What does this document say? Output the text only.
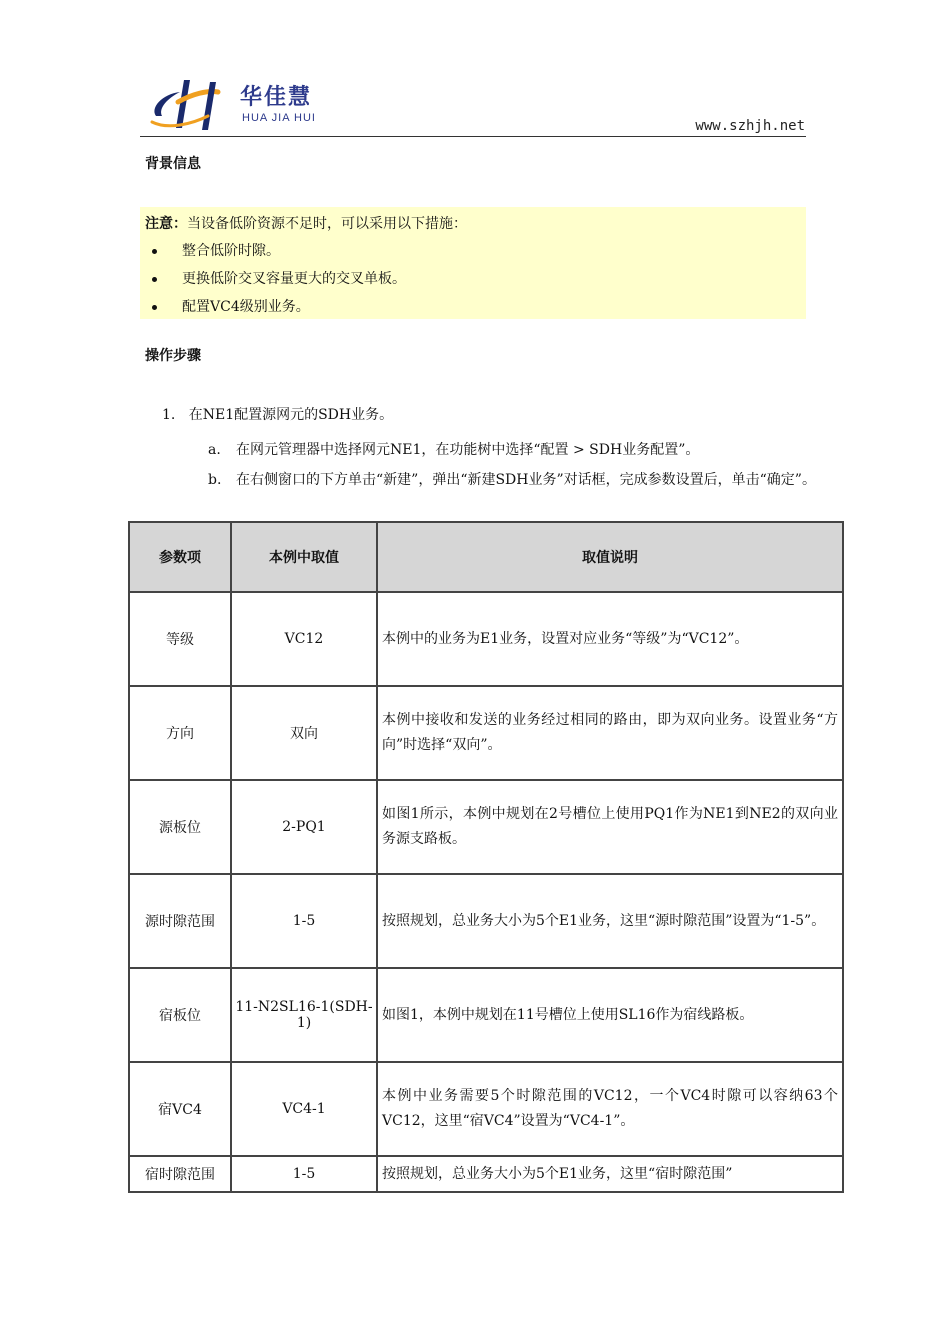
华佳慧
HUA JIA HUI	www.szhjh.net
背景信息
注意：当设备低阶资源不足时，可以采用以下措施：
整合低阶时隙。
更换低阶交叉容量更大的交叉单板。
配置VC4级别业务。
操作步骤
1. 在NE1配置源网元的SDH业务。
a. 在网元管理器中选择网元NE1，在功能树中选择“配置 > SDH业务配置”。
b. 在右侧窗口的下方单击“新建”，弹出“新建SDH业务”对话框，完成参数设置后，单击“确定”。
参数项	本例中取值	取值说明
等级	VC12	本例中的业务为E1业务，设置对应业务“等级”为“VC12”。
方向	双向	本例中接收和发送的业务经过相同的路由，即为双向业务。设置业务“方向”时选择“双向”。
源板位	2-PQ1	如图1所示，本例中规划在2号槽位上使用PQ1作为NE1到NE2的双向业务源支路板。
源时隙范围	1-5	按照规划，总业务大小为5个E1业务，这里“源时隙范围”设置为“1-5”。
宿板位	11-N2SL16-1(SDH-1)	如图1，本例中规划在11号槽位上使用SL16作为宿线路板。
宿VC4	VC4-1	本例中业务需要5个时隙范围的VC12，一个VC4时隙可以容纳63个VC12，这里“宿VC4”设置为“VC4-1”。
宿时隙范围	1-5	按照规划，总业务大小为5个E1业务，这里“宿时隙范围”
